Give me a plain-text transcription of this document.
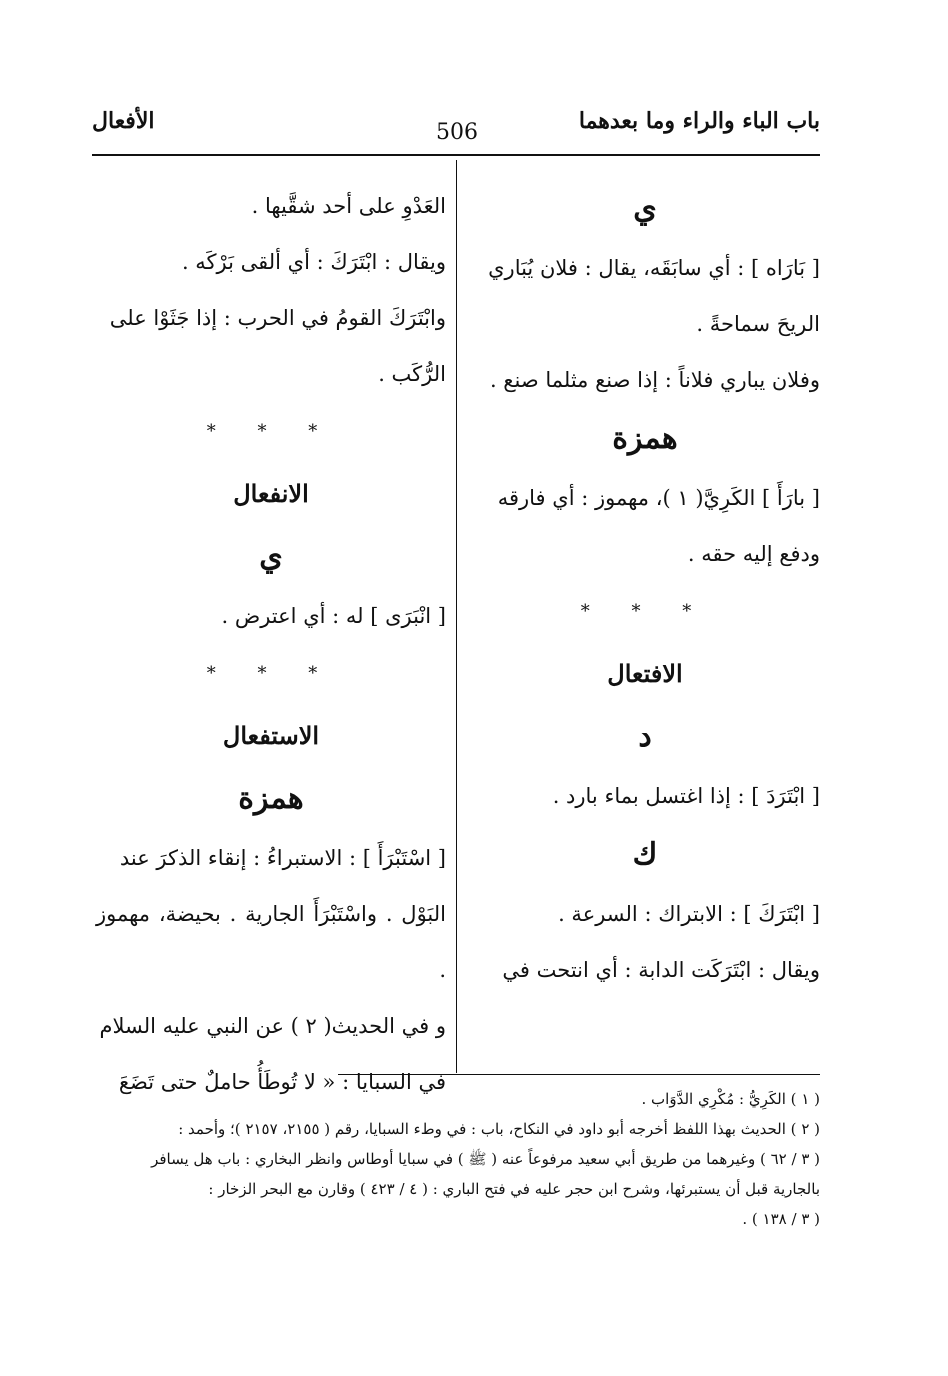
باب الباء والراء وما بعدهما
506
الأفعال
ي

[ بَارَاه ] : أي سابَقَه، يقال : فلان يُبَاري

الريحَ سماحةً .

وفلان يباري فلاناً : إذا صنع مثلما صنع .

همزة

[ بارَأَ ] الكَرِيَّ( ١ )، مهموز : أي فارقه

ودفع إليه حقه .

* * *
الافتعال
د

[ ابْتَرَدَ ] : إذا اغتسل بماء بارد .

ك

[ ابْتَرَكَ ] : الابتراك : السرعة .

ويقال : ابْتَرَكَت الدابة : أي انتحت في

العَدْوِ على أحد شقَّيها .

ويقال : ابْتَرَكَ : أي ألقى بَرْكَه .

وابْتَرَكَ القومُ في الحرب : إذا جَثَوْا على

الرُّكَب .

* * *
الانفعال
ي

[ انْبَرَى ] له : أي اعترض .

* * *
الاستفعال
همزة

[ اسْتَبْرَأَ ] : الاستبراءُ : إنقاء الذكرَ عند

البَوْل . واسْتَبْرَأَ الجارية . بحيضة، مهموز .

و في الحديث( ٢ ) عن النبي عليه السلام

في السبايا : « لا تُوطَأُ حاملٌ حتى تَضَعَ

( ١ ) الكَرِيُّ : مُكْرِي الدَّوَاب .

( ٢ ) الحديث بهذا اللفظ أخرجه أبو داود في النكاح، باب : في وطء السبايا، رقم ( ٢١٥٥، ٢١٥٧ )؛ وأحمد :

( ٣ / ٦٢ ) وغيرهما من طريق أبي سعيد مرفوعاً عنه ( ﷺ ) في سبايا أوطاس وانظر البخاري : باب هل يسافر

بالجارية قبل أن يستبرئها، وشرح ابن حجر عليه في فتح الباري : ( ٤ / ٤٢٣ ) وقارن مع البحر الزخار :

( ٣ / ١٣٨ ) .
